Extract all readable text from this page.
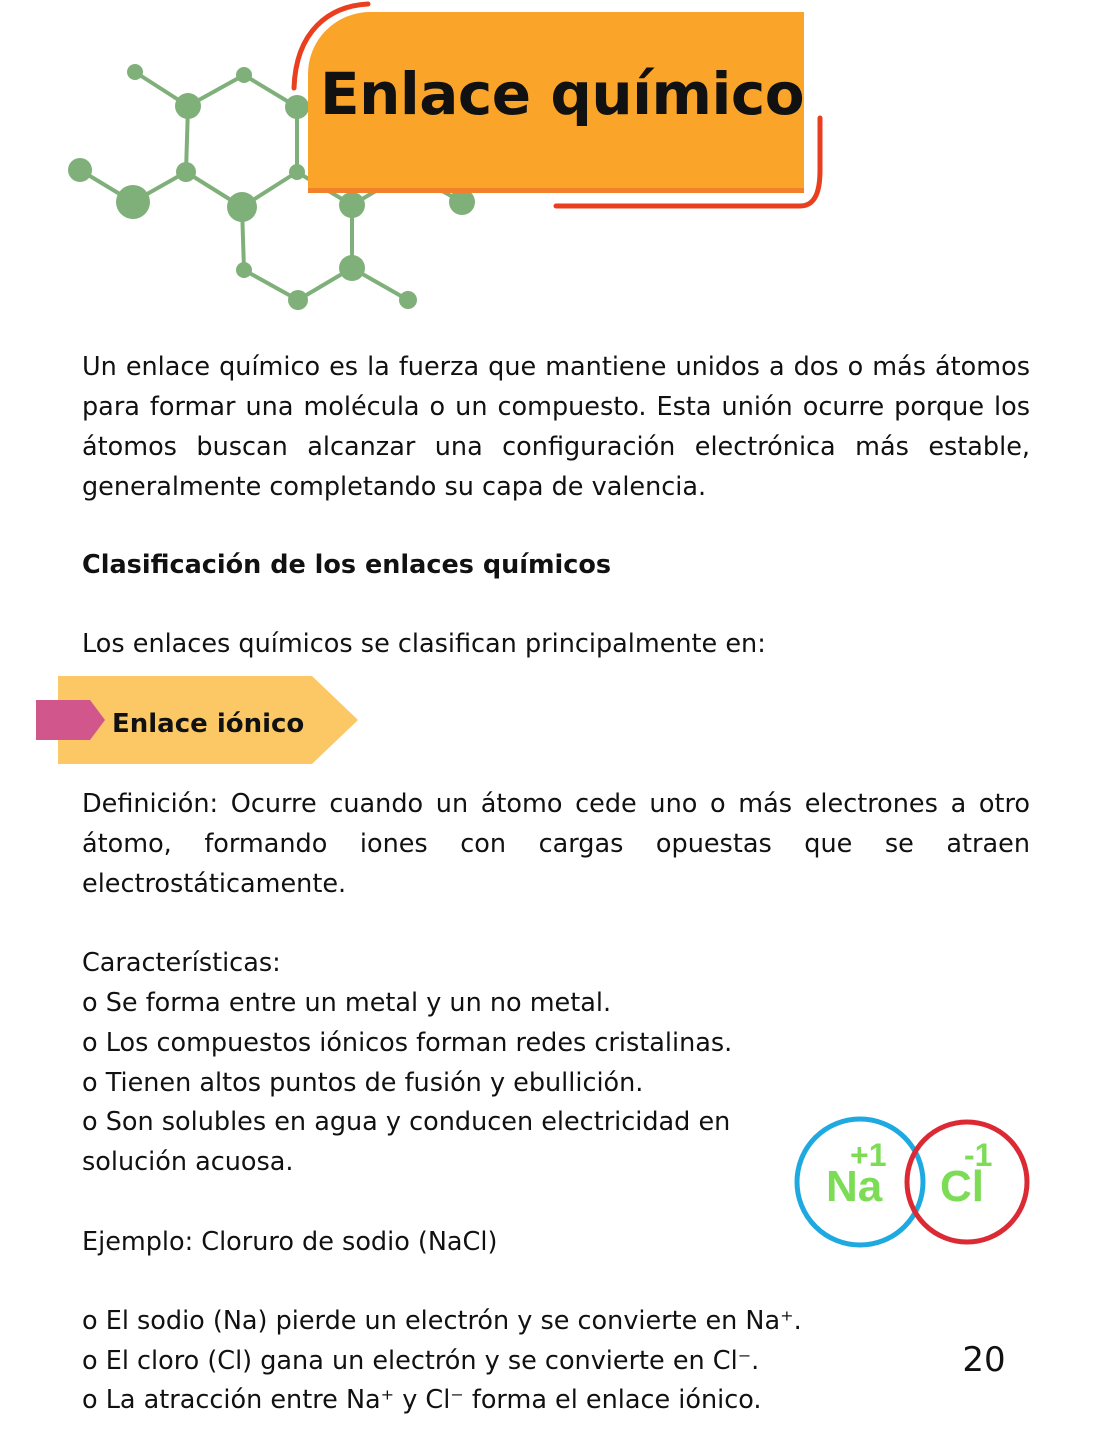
Enlace químico

Un enlace químico es la fuerza que mantiene unidos a dos o más átomos para formar una molécula o un compuesto. Esta unión ocurre porque los átomos buscan alcanzar una configuración electrónica más estable, generalmente completando su capa de valencia.

Clasificación de los enlaces químicos

Los enlaces químicos se clasifican principalmente en:

Enlace iónico

Definición: Ocurre cuando un átomo cede uno o más electrones a otro átomo, formando iones con cargas opuestas que se atraen electrostáticamente.

Características:

o Se forma entre un metal y un no metal.

o Los compuestos iónicos forman redes cristalinas.

o Tienen altos puntos de fusión y ebullición.

o Son solubles en agua y conducen electricidad en

solución acuosa.

Ejemplo: Cloruro de sodio (NaCl)

o El sodio (Na) pierde un electrón y se convierte en Na⁺.

o El cloro (Cl) gana un electrón y se convierte en Cl⁻.

o La atracción entre Na⁺ y Cl⁻ forma el enlace iónico.

Na
+1
Cl
-1

20
